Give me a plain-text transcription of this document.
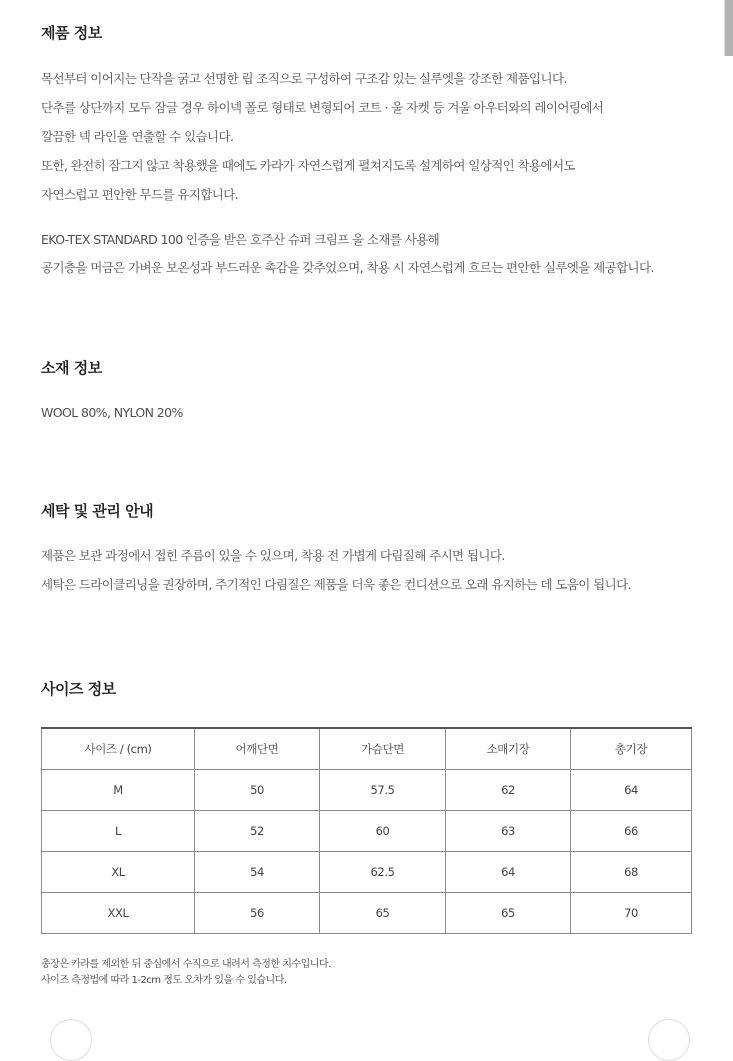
제품 정보

목선부터 이어지는 단작을 굵고 선명한 립 조직으로 구성하여 구조감 있는 실루엣을 강조한 제품입니다.

단추를 상단까지 모두 잠글 경우 하이넥 폴로 형태로 변형되어 코트 · 울 자켓 등 겨울 아우터와의 레이어링에서

깔끔한 넥 라인을 연출할 수 있습니다.

또한, 완전히 잠그지 않고 착용했을 때에도 카라가 자연스럽게 펼쳐지도록 설계하여 일상적인 착용에서도

자연스럽고 편안한 무드를 유지합니다.

EKO-TEX STANDARD 100 인증을 받은 호주산 슈퍼 크림프 울 소재를 사용해

공기층을 머금은 가벼운 보온성과 부드러운 촉감을 갖추었으며, 착용 시 자연스럽게 흐르는 편안한 실루엣을 제공합니다.

소재 정보

WOOL 80%, NYLON 20%

세탁 및 관리 안내

제품은 보관 과정에서 접힌 주름이 있을 수 있으며, 착용 전 가볍게 다림질해 주시면 됩니다.

세탁은 드라이클리닝을 권장하며, 주기적인 다림질은 제품을 더욱 좋은 컨디션으로 오래 유지하는 데 도움이 됩니다.

사이즈 정보
사이즈 / (cm)	어깨단면	가슴단면	소매기장	총기장
M	50	57.5	62	64
L	52	60	63	66
XL	54	62.5	64	68
XXL	56	65	65	70

총장은 카라를 제외한 뒤 중심에서 수직으로 내려서 측정한 치수입니다.

사이즈 측정법에 따라 1-2cm 정도 오차가 있을 수 있습니다.
